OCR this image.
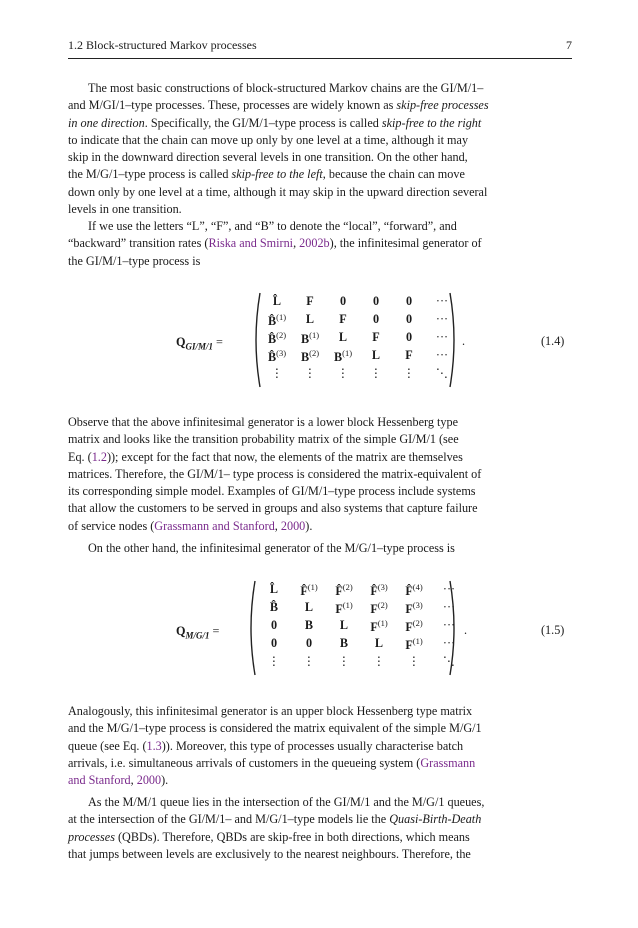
1.2 Block-structured Markov processes	7
The most basic constructions of block-structured Markov chains are the GI/M/1–
and M/GI/1–type processes. These, processes are widely known as skip-free processes
in one direction. Specifically, the GI/M/1–type process is called skip-free to the right
to indicate that the chain can move up only by one level at a time, although it may
skip in the downward direction several levels in one transition. On the other hand,
the M/G/1–type process is called skip-free to the left, because the chain can move
down only by one level at a time, although it may skip in the upward direction several
levels in one transition.
If we use the letters “L”, “F”, and “B” to denote the “local”, “forward”, and
“backward” transition rates (Riska and Smirni, 2002b), the infinitesimal generator of
the GI/M/1–type process is
$Q_{GI/M/1}$ =
L̂	F	0	0	0	···
B̂$^{(1)}$	L	F	0	0	···
B̂$^{(2)}$	$B^{(1)}$	L	F	0	···
B̂$^{(3)}$	$B^{(2)}$	$B^{(1)}$	L	F	···
⋮	⋮	⋮	⋮	⋮	⋱
.	(1.4)
Observe that the above infinitesimal generator is a lower block Hessenberg type
matrix and looks like the transition probability matrix of the simple GI/M/1 (see
Eq. (1.2)); except for the fact that now, the elements of the matrix are themselves
matrices. Therefore, the GI/M/1– type process is considered the matrix-equivalent of
its corresponding simple model. Examples of GI/M/1–type process include systems
that allow the customers to be served in groups and also systems that capture failure
of service nodes (Grassmann and Stanford, 2000).
On the other hand, the infinitesimal generator of the M/G/1–type process is
$Q_{M/G/1}$ =
L̂	F̂$^{(1)}$	F̂$^{(2)}$	F̂$^{(3)}$	F̂$^{(4)}$	···
B̂	L	$F^{(1)}$	$F^{(2)}$	$F^{(3)}$	···
0	B	L	$F^{(1)}$	$F^{(2)}$	···
0	0	B	L	$F^{(1)}$	···
⋮	⋮	⋮	⋮	⋮	⋱
.	(1.5)
Analogously, this infinitesimal generator is an upper block Hessenberg type matrix
and the M/G/1–type process is considered the matrix equivalent of the simple M/G/1
queue (see Eq. (1.3)). Moreover, this type of processes usually characterise batch
arrivals, i.e. simultaneous arrivals of customers in the queueing system (Grassmann
and Stanford, 2000).
As the M/M/1 queue lies in the intersection of the GI/M/1 and the M/G/1 queues,
at the intersection of the GI/M/1– and M/G/1–type models lie the Quasi-Birth-Death
processes (QBDs). Therefore, QBDs are skip-free in both directions, which means
that jumps between levels are exclusively to the nearest neighbours. Therefore, the
